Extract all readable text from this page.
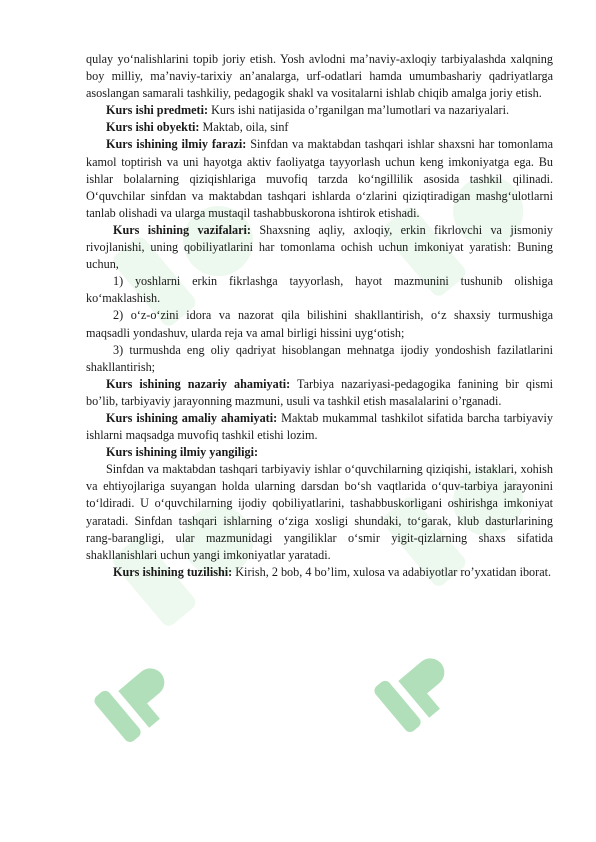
qulay yo‘nalishlarini topib joriy etish. Yosh avlodni ma’naviy-axloqiy tarbiyalashda xalqning boy milliy, ma’naviy-tarixiy an’analarga, urf-odatlari hamda umumbashariy qadriyatlarga asoslangan samarali tashkiliy, pedagogik shakl va vositalarni ishlab chiqib amalga joriy etish.

Kurs ishi predmeti: Kurs ishi natijasida o’rganilgan ma’lumotlari va nazariyalari.

Kurs ishi obyekti: Maktab, oila, sinf

Kurs ishining ilmiy farazi: Sinfdan va maktabdan tashqari ishlar shaxsni har tomonlama kamol toptirish va uni hayotga aktiv faoliyatga tayyorlash uchun keng imkoniyatga ega. Bu ishlar bolalarning qiziqishlariga muvofiq tarzda ko‘ngillilik asosida tashkil qilinadi. O‘quvchilar sinfdan va maktabdan tashqari ishlarda o‘zlarini qiziqtiradigan mashg‘ulotlarni tanlab olishadi va ularga mustaqil tashabbuskorona ishtirok etishadi.

Kurs ishining vazifalari: Shaxsning aqliy, axloqiy, erkin fikrlovchi va jismoniy rivojlanishi, uning qobiliyatlarini har tomonlama ochish uchun imkoniyat yaratish: Buning uchun,

1) yoshlarni erkin fikrlashga tayyorlash, hayot mazmunini tushunib olishiga ko‘maklashish.

2) o‘z-o‘zini idora va nazorat qila bilishini shakllantirish, o‘z shaxsiy turmushiga maqsadli yondashuv, ularda reja va amal birligi hissini uyg‘otish;

3) turmushda eng oliy qadriyat hisoblangan mehnatga ijodiy yondoshish fazilatlarini shakllantirish;

Kurs ishining nazariy ahamiyati: Tarbiya nazariyasi-pedagogika fanining bir qismi bo’lib, tarbiyaviy jarayonning mazmuni, usuli va tashkil etish masalalarini o’rganadi.

Kurs ishining amaliy ahamiyati: Maktab mukammal tashkilot sifatida barcha tarbiyaviy ishlarni maqsadga muvofiq tashkil etishi lozim.

Kurs ishining ilmiy yangiligi:

Sinfdan va maktabdan tashqari tarbiyaviy ishlar o‘quvchilarning qiziqishi, istaklari, xohish va ehtiyojlariga suyangan holda ularning darsdan bo‘sh vaqtlarida o‘quv-tarbiya jarayonini to‘ldiradi. U o‘quvchilarning ijodiy qobiliyatlarini, tashabbuskorligani oshirishga imkoniyat yaratadi. Sinfdan tashqari ishlarning o‘ziga xosligi shundaki, to‘garak, klub dasturlarining rang-barangligi, ular mazmunidagi yangiliklar o‘smir yigit-qizlarning shaxs sifatida shakllanishlari uchun yangi imkoniyatlar yaratadi.

Kurs ishining tuzilishi: Kirish, 2 bob, 4 bo’lim, xulosa va adabiyotlar ro’yxatidan iborat.
